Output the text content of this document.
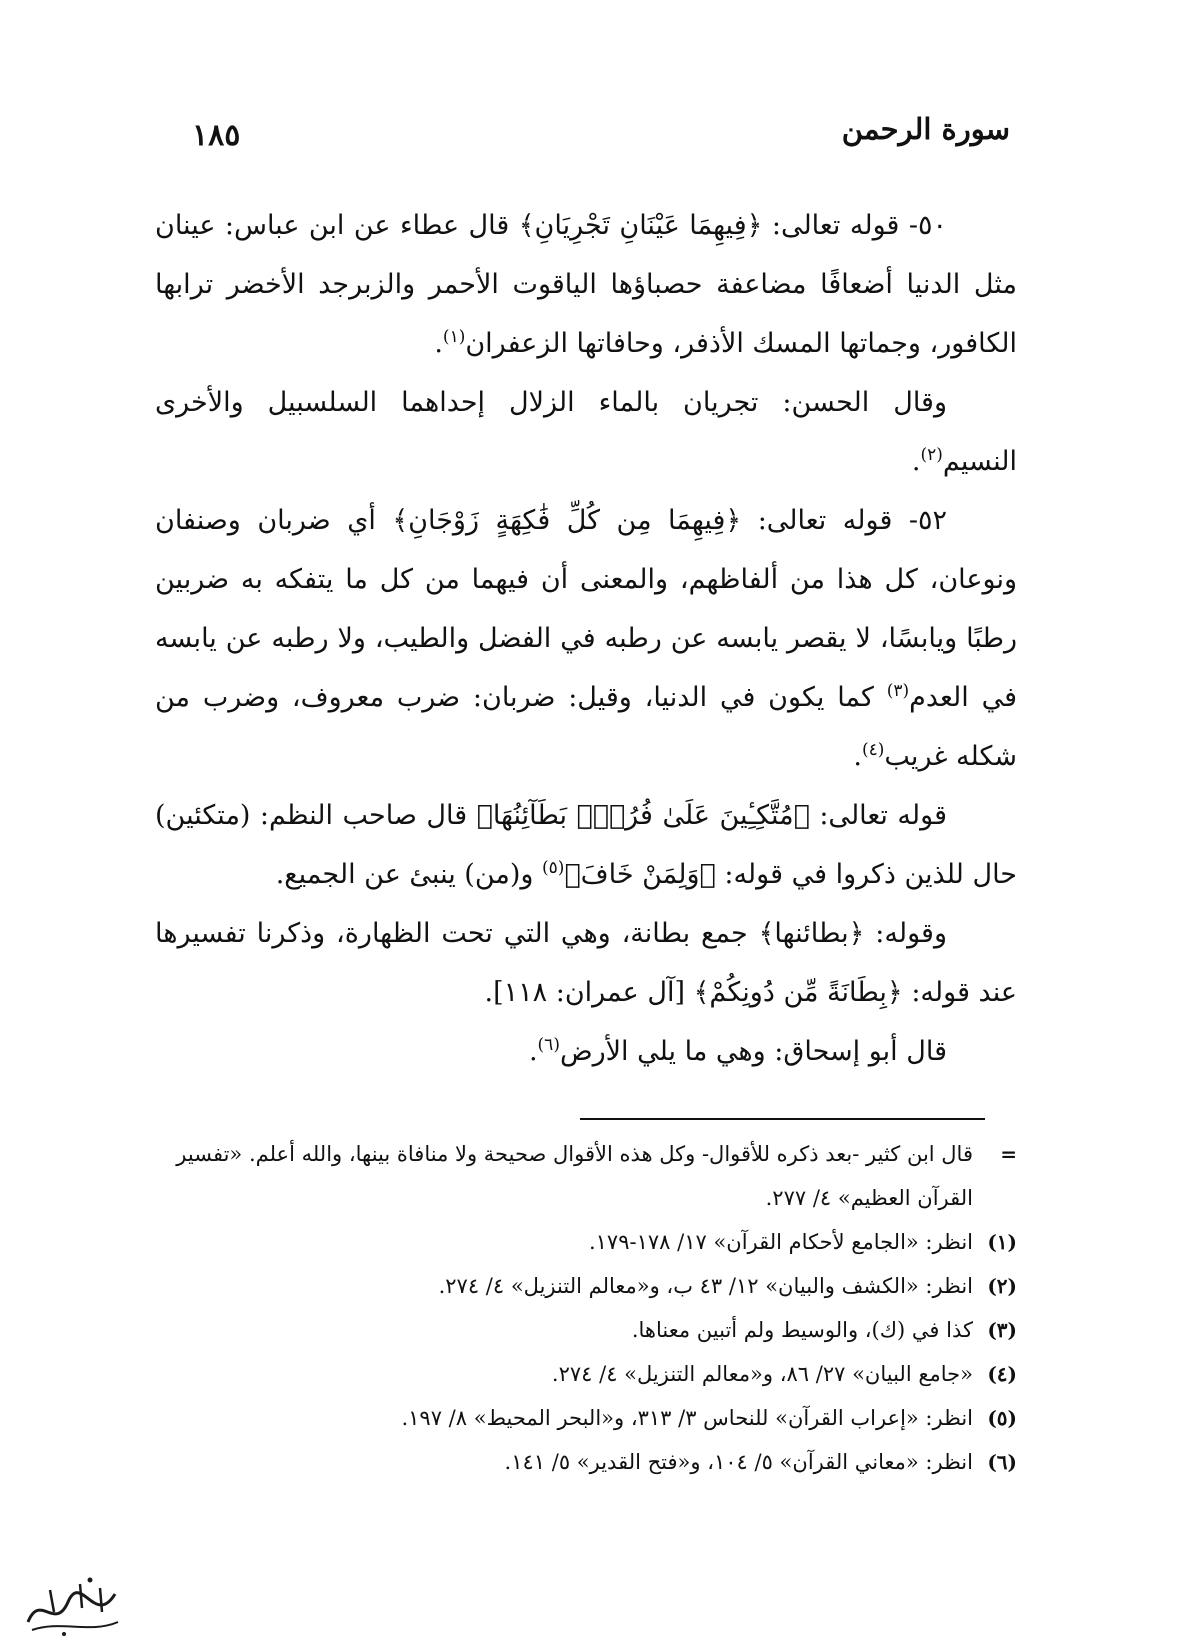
سورة الرحمن
١٨٥

٥٠- قوله تعالى: ﴿فِيهِمَا عَيْنَانِ تَجْرِيَانِ﴾ قال عطاء عن ابن عباس: عينان مثل الدنيا أضعافًا مضاعفة حصباؤها الياقوت الأحمر والزبرجد الأخضر ترابها الكافور، وجماتها المسك الأذفر، وحافاتها الزعفران$^{(١)}$.

وقال الحسن: تجريان بالماء الزلال إحداهما السلسبيل والأخرى النسيم$^{(٢)}$.

٥٢- قوله تعالى: ﴿فِيهِمَا مِن كُلِّ فَٰكِهَةٍ زَوْجَانِ﴾ أي ضربان وصنفان ونوعان، كل هذا من ألفاظهم، والمعنى أن فيهما من كل ما يتفكه به ضربين رطبًا ويابسًا، لا يقصر يابسه عن رطبه في الفضل والطيب، ولا رطبه عن يابسه في العدم$^{(٣)}$ كما يكون في الدنيا، وقيل: ضربان: ضرب معروف، وضرب من شكله غريب$^{(٤)}$.

قوله تعالى: ﴿مُتَّكِـِٔينَ عَلَىٰ فُرُشٍۭ بَطَآئِنُهَا﴾ قال صاحب النظم: (متكئين) حال للذين ذكروا في قوله: ﴿وَلِمَنْ خَافَ﴾$^{(٥)}$ و(من) ينبئ عن الجميع.

وقوله: ﴿بطائنها﴾ جمع بطانة، وهي التي تحت الظهارة، وذكرنا تفسيرها عند قوله: ﴿بِطَانَةً مِّن دُونِكُمْ﴾ [آل عمران: ١١٨].

قال أبو إسحاق: وهي ما يلي الأرض$^{(٦)}$.

=
قال ابن كثير -بعد ذكره للأقوال- وكل هذه الأقوال صحيحة ولا منافاة بينها، والله أعلم. «تفسير القرآن العظيم» ٤/ ٢٧٧.
(١)
انظر: «الجامع لأحكام القرآن» ١٧/ ١٧٨-١٧٩.
(٢)
انظر: «الكشف والبيان» ١٢/ ٤٣ ب، و«معالم التنزيل» ٤/ ٢٧٤.
(٣)
كذا في (ك)، والوسيط ولم أتبين معناها.
(٤)
«جامع البيان» ٢٧/ ٨٦، و«معالم التنزيل» ٤/ ٢٧٤.
(٥)
انظر: «إعراب القرآن» للنحاس ٣/ ٣١٣، و«البحر المحيط» ٨/ ١٩٧.
(٦)
انظر: «معاني القرآن» ٥/ ١٠٤، و«فتح القدير» ٥/ ١٤١.
